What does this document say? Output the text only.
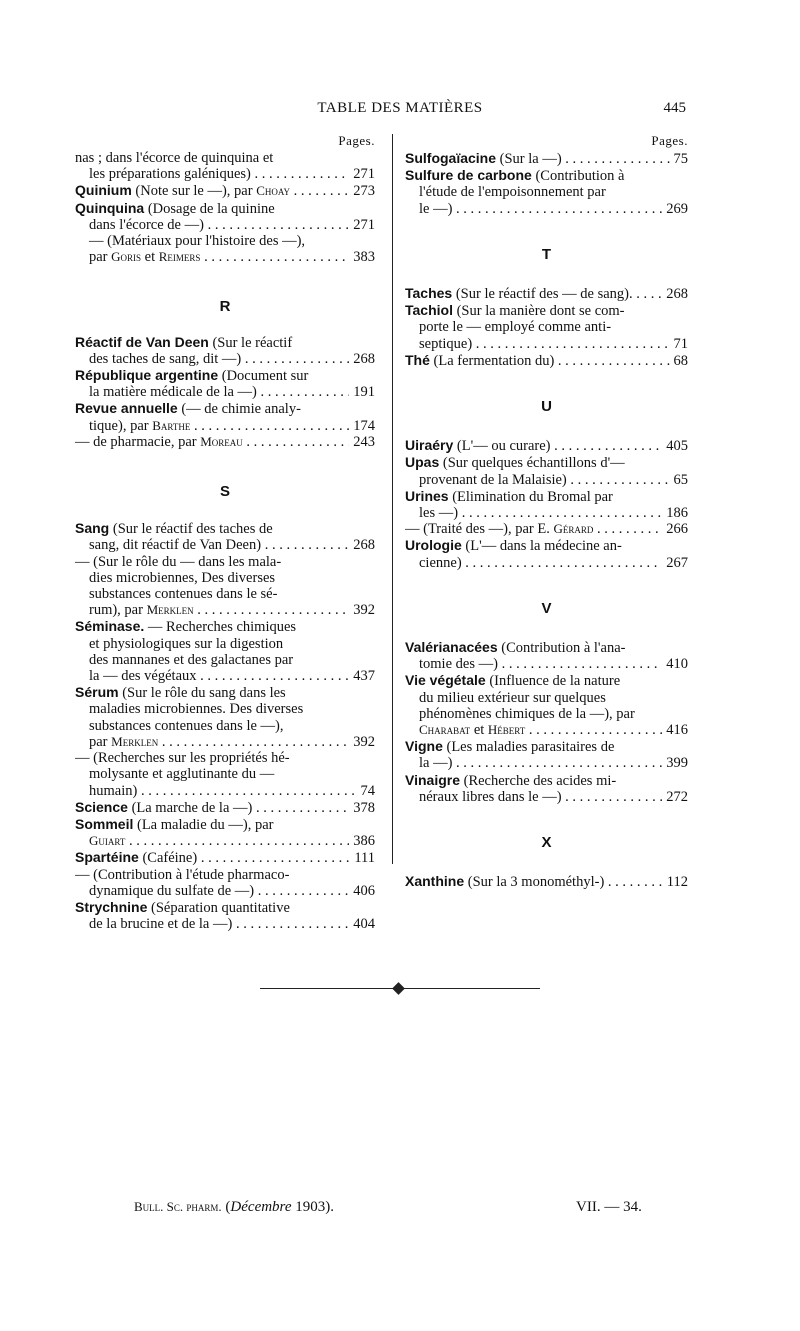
TABLE DES MATIÈRES	445
Pages.
nas ; dans l'écorce de quinquina et
les préparations galéniques) . . .	271
Quinium (Note sur le —), par Choay . . .	273
Quinquina (Dosage de la quinine
dans l'écorce de —) . . .	271
— (Matériaux pour l'histoire des —),
par Goris et Reimers . . .	383
R
Réactif de Van Deen (Sur le réactif
des taches de sang, dit —) . . .	268
République argentine (Document sur
la matière médicale de la —) . . .	191
Revue annuelle (— de chimie analy-
tique), par Barthe . . .	174
— de pharmacie, par Moreau . . .	243
S
Sang (Sur le réactif des taches de
sang, dit réactif de Van Deen) . . .	268
— (Sur le rôle du — dans les mala-
dies microbiennes, Des diverses
substances contenues dans le sé-
rum), par Merklen . . .	392
Séminase. — Recherches chimiques
et physiologiques sur la digestion
des mannanes et des galactanes par
la — des végétaux . . .	437
Sérum (Sur le rôle du sang dans les
maladies microbiennes. Des diverses
substances contenues dans le —),
par Merklen . . .	392
— (Recherches sur les propriétés hé-
molysante et agglutinante du —
humain) . . .	74
Science (La marche de la —) . . .	378
Sommeil (La maladie du —), par
Guiart . . .	386
Spartéine (Caféine) . . .	111
— (Contribution à l'étude pharmaco-
dynamique du sulfate de —) . . .	406
Strychnine (Séparation quantitative
de la brucine et de la —) . . .	404
Pages.
Sulfogaïacine (Sur la —) . . .	75
Sulfure de carbone (Contribution à
l'étude de l'empoisonnement par
le —) . . .	269
T
Taches (Sur le réactif des — de sang). . . .	268
Tachiol (Sur la manière dont se com-
porte le — employé comme anti-
septique) . . .	71
Thé (La fermentation du) . . .	68
U
Uiraéry (L'— ou curare) . . .	405
Upas (Sur quelques échantillons d'—
provenant de la Malaisie) . . .	65
Urines (Elimination du Bromal par
les —) . . .	186
— (Traité des —), par E. Gérard . . .	266
Urologie (L'— dans la médecine an-
cienne) . . .	267
V
Valérianacées (Contribution à l'ana-
tomie des —) . . .	410
Vie végétale (Influence de la nature
du milieu extérieur sur quelques
phénomènes chimiques de la —), par
Charabat et Hébert . . .	416
Vigne (Les maladies parasitaires de
la —) . . .	399
Vinaigre (Recherche des acides mi-
néraux libres dans le —) . . .	272
X
Xanthine (Sur la 3 monométhyl-) . . .	112
Bull. Sc. pharm. (Décembre 1903).	VII. — 34.
